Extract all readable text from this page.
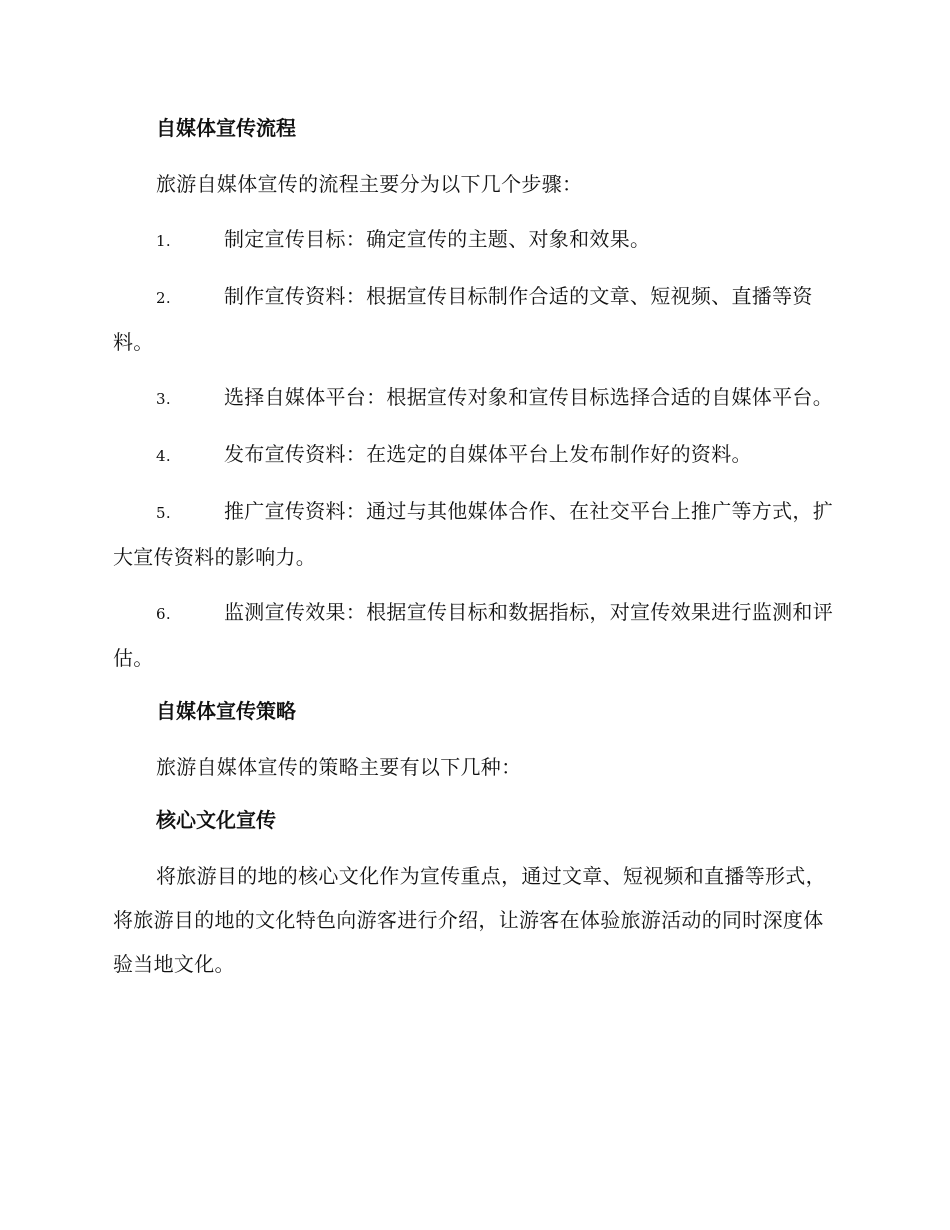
自媒体宣传流程

旅游自媒体宣传的流程主要分为以下几个步骤：

1.	制定宣传目标：确定宣传的主题、对象和效果。
2.	制作宣传资料：根据宣传目标制作合适的文章、短视频、直播等资料。
3.	选择自媒体平台：根据宣传对象和宣传目标选择合适的自媒体平台。
4.	发布宣传资料：在选定的自媒体平台上发布制作好的资料。
5.	推广宣传资料：通过与其他媒体合作、在社交平台上推广等方式，扩大宣传资料的影响力。
6.	监测宣传效果：根据宣传目标和数据指标，对宣传效果进行监测和评估。
自媒体宣传策略

旅游自媒体宣传的策略主要有以下几种：

核心文化宣传

将旅游目的地的核心文化作为宣传重点，通过文章、短视频和直播等形式，将旅游目的地的文化特色向游客进行介绍，让游客在体验旅游活动的同时深度体验当地文化。
